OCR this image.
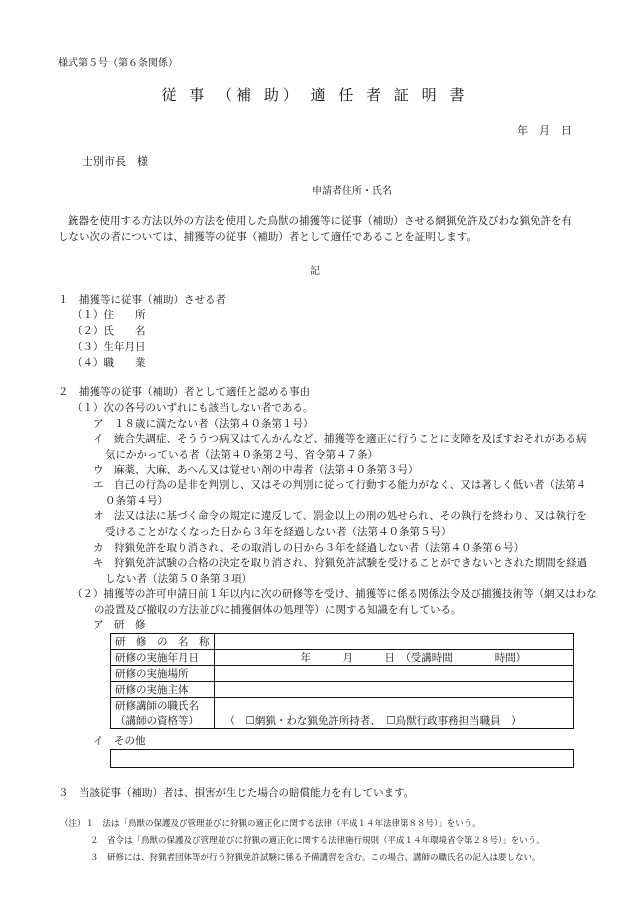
様式第５号（第６条関係）
従 事 （補 助） 適 任 者 証 明 書
年　月　日
士別市長　様
申請者住所・氏名
銃器を使用する方法以外の方法を使用した鳥獣の捕獲等に従事（補助）させる網猟免許及びわな猟免許を有しない次の者については、捕獲等の従事（補助）者として適任であることを証明します。
記
１　捕獲等に従事（補助）させる者
（１）住　　所
（２）氏　　名
（３）生年月日
（４）職　　業
２　捕獲等の従事（補助）者として適任と認める事由
（１）次の各号のいずれにも該当しない者である。
ア　１８歳に満たない者（法第４０条第１号）
イ　統合失調症、そううつ病又はてんかんなど、捕獲等を適正に行うことに支障を及ぼすおそれがある病気にかかっている者（法第４０条第２号、省令第４７条）
ウ　麻薬、大麻、あへん又は覚せい剤の中毒者（法第４０条第３号）
エ　自己の行為の是非を判別し、又はその判別に従って行動する能力がなく、又は著しく低い者（法第４０条第４号）
オ　法又は法に基づく命令の規定に違反して、罰金以上の刑の処せられ、その執行を終わり、又は執行を受けることがなくなった日から３年を経過しない者（法第４０条第５号）
カ　狩猟免許を取り消され、その取消しの日から３年を経過しない者（法第４０条第６号）
キ　狩猟免許試験の合格の決定を取り消され、狩猟免許試験を受けることができないとされた期間を経過しない者（法第５０条第３項）
（２）捕獲等の許可申請日前１年以内に次の研修等を受け、捕獲等に係る関係法令及び捕獲技術等（網又はわなの設置及び撤収の方法並びに捕獲個体の処理等）に関する知識を有している。
ア　研　修
研　修　の　名　称	
研修の実施年月日	年　　　月　　　日　（受講時間　　　　時間）
研修の実施場所	
研修の実施主体	
研修講師の職氏名	
（講師の資格等）	（　☐網猟・わな猟免許所持者、　☐鳥獣行政事務担当職員　）
イ　その他
３　当該従事（補助）者は、損害が生じた場合の賠償能力を有しています。
（注）１　法は「鳥獣の保護及び管理並びに狩猟の適正化に関する法律（平成１４年法律第８８号）」をいう。
２　省令は「鳥獣の保護及び管理並びに狩猟の適正化に関する法律施行規則（平成１４年環境省令第２８号）」をいう。
３　研修には、狩猟者団体等が行う狩猟免許試験に係る予備講習を含む。この場合、講師の職氏名の記入は要しない。
